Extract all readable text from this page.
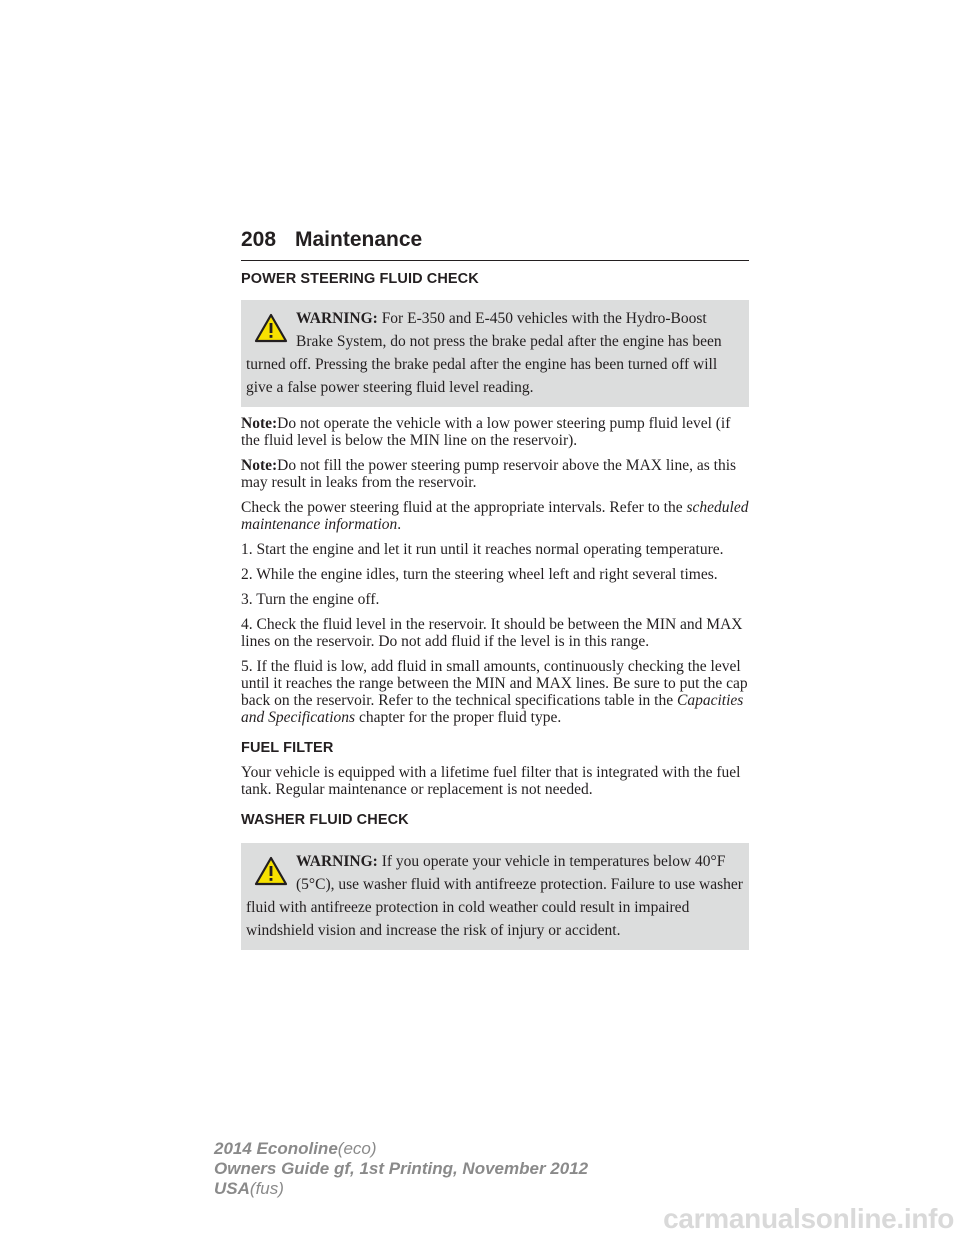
208 Maintenance
POWER STEERING FLUID CHECK
WARNING: For E-350 and E-450 vehicles with the Hydro-Boost Brake System, do not press the brake pedal after the engine has been turned off. Pressing the brake pedal after the engine has been turned off will give a false power steering fluid level reading.

Note:Do not operate the vehicle with a low power steering pump fluid level (if the fluid level is below the MIN line on the reservoir).

Note:Do not fill the power steering pump reservoir above the MAX line, as this may result in leaks from the reservoir.

Check the power steering fluid at the appropriate intervals. Refer to the scheduled maintenance information.

1. Start the engine and let it run until it reaches normal operating temperature.

2. While the engine idles, turn the steering wheel left and right several times.

3. Turn the engine off.

4. Check the fluid level in the reservoir. It should be between the MIN and MAX lines on the reservoir. Do not add fluid if the level is in this range.

5. If the fluid is low, add fluid in small amounts, continuously checking the level until it reaches the range between the MIN and MAX lines. Be sure to put the cap back on the reservoir. Refer to the technical specifications table in the Capacities and Specifications chapter for the proper fluid type.

FUEL FILTER

Your vehicle is equipped with a lifetime fuel filter that is integrated with the fuel tank. Regular maintenance or replacement is not needed.

WASHER FLUID CHECK
WARNING: If you operate your vehicle in temperatures below 40°F (5°C), use washer fluid with antifreeze protection. Failure to use washer fluid with antifreeze protection in cold weather could result in impaired windshield vision and increase the risk of injury or accident.
2014 Econoline(eco)
Owners Guide gf, 1st Printing, November 2012
USA(fus)
carmanualsonline.info
